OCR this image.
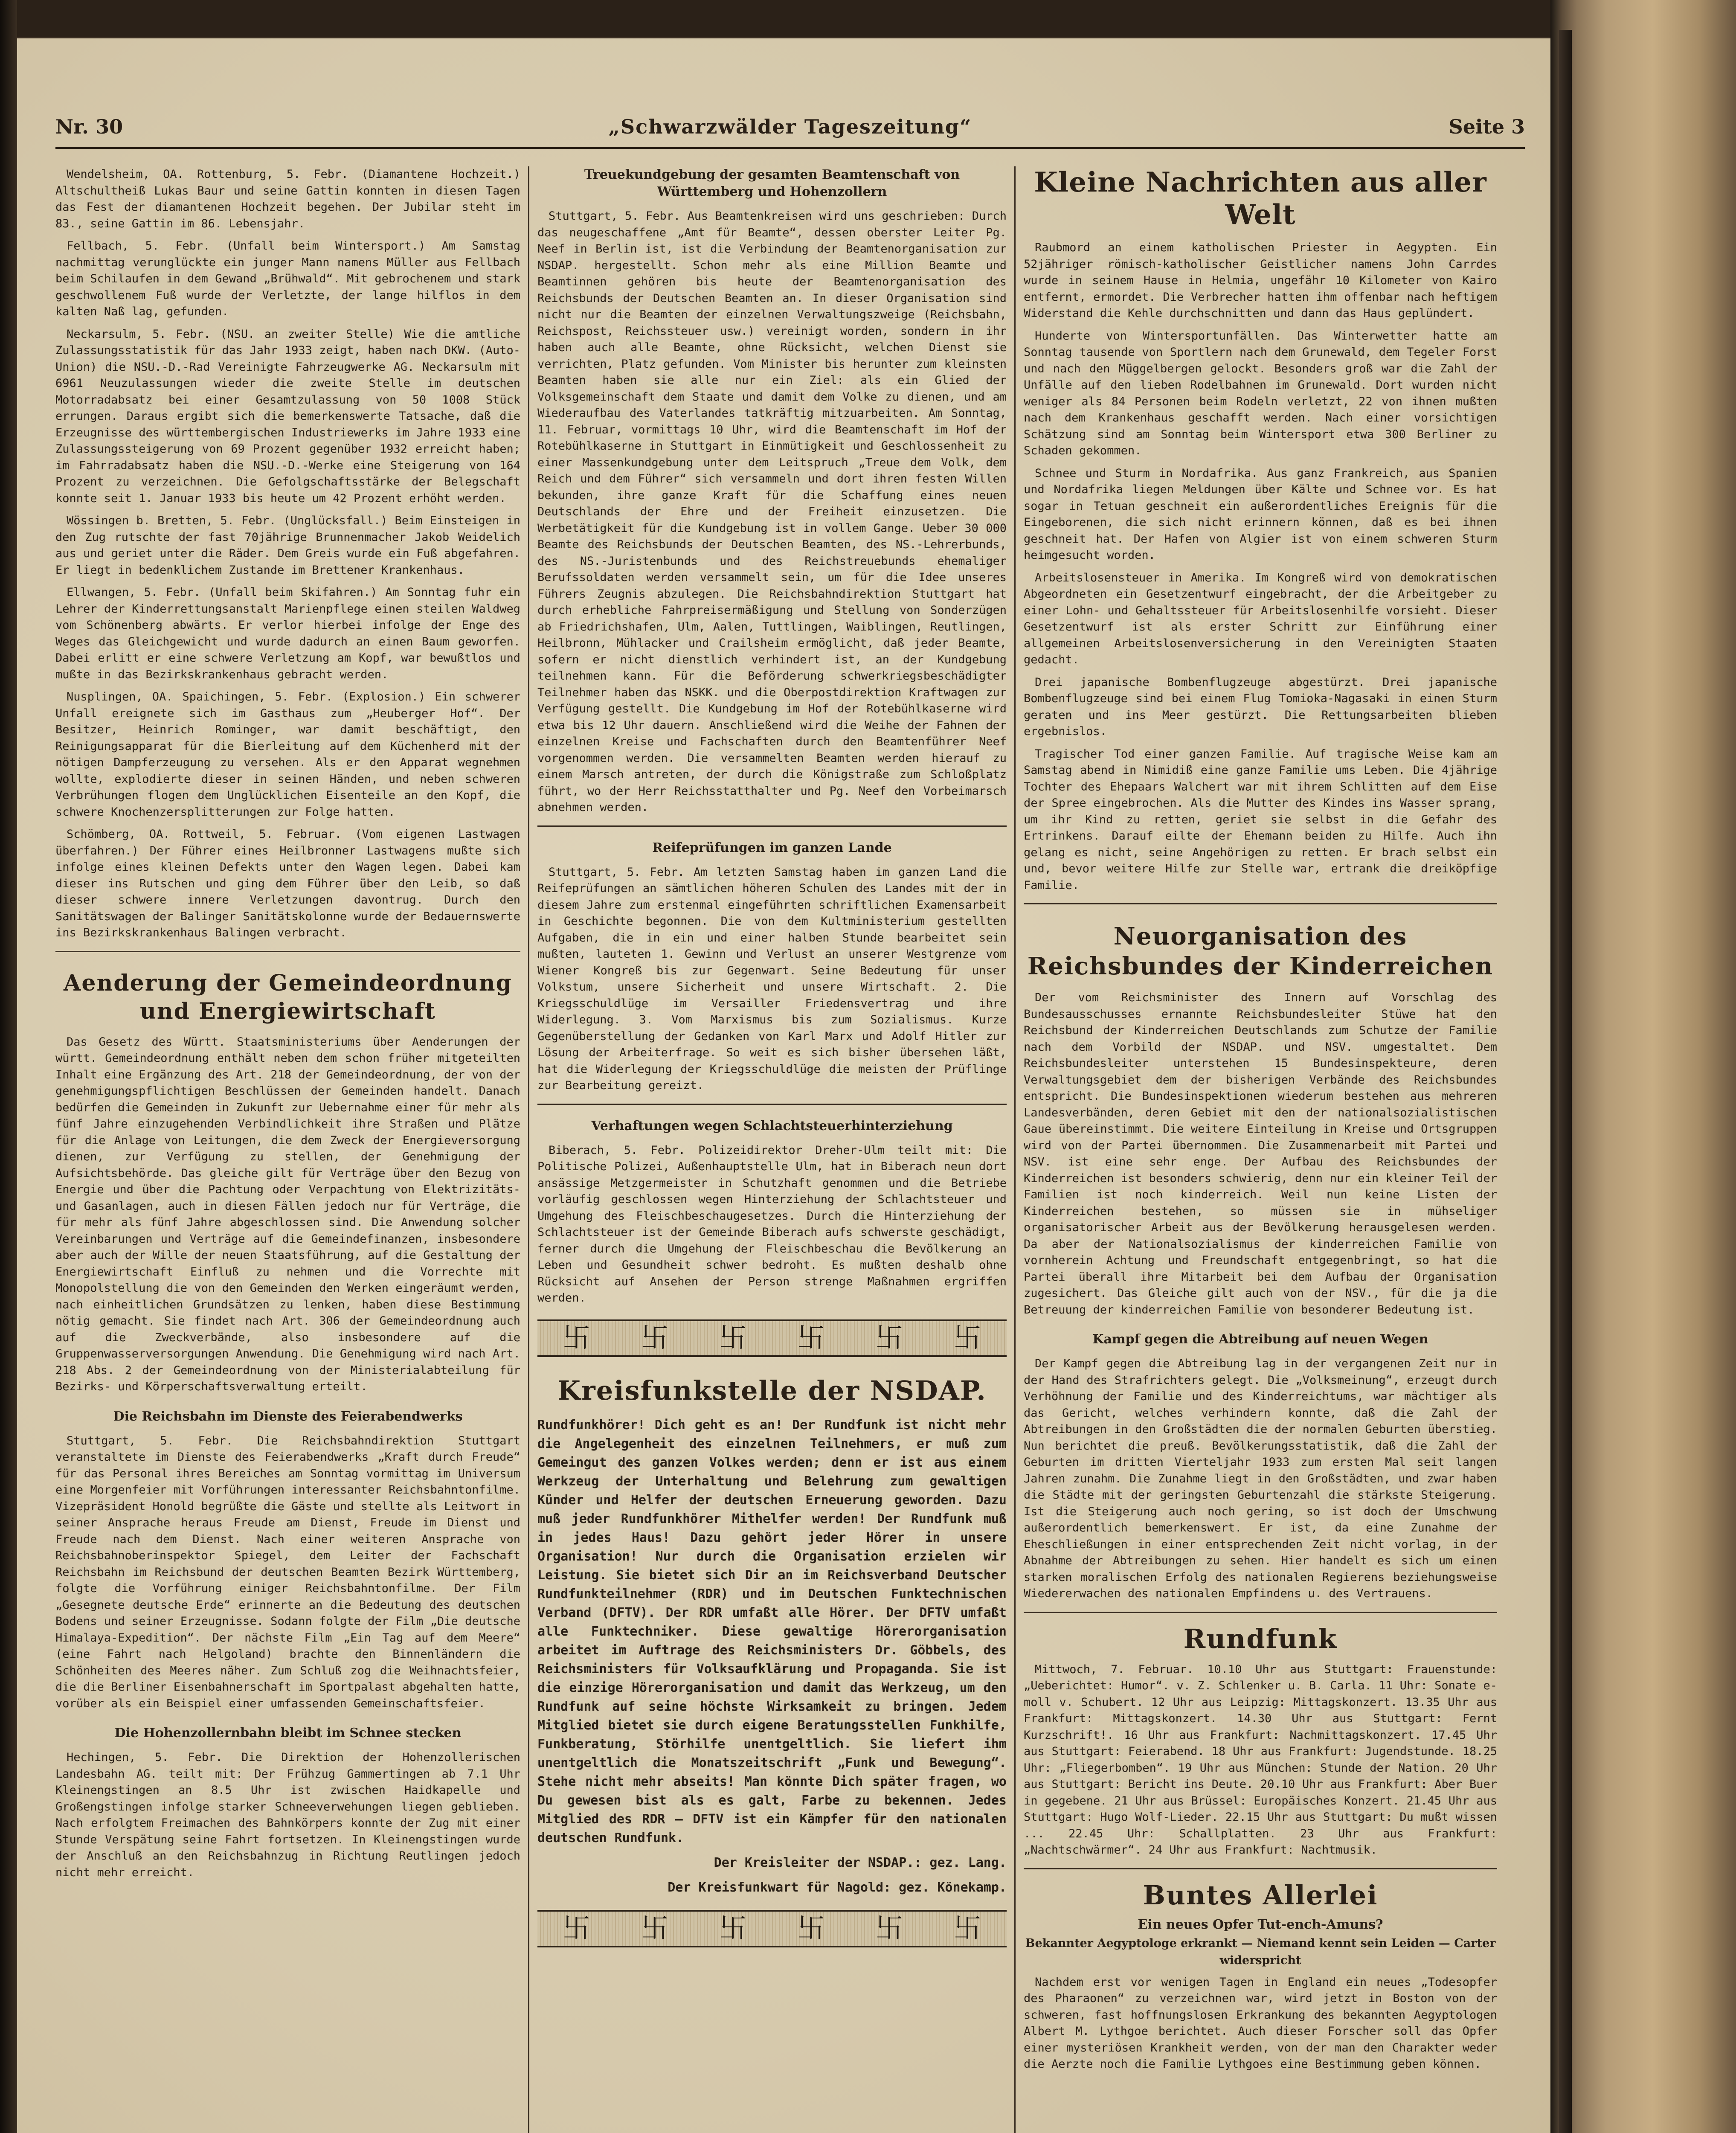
Nr. 30	„Schwarzwälder Tageszeitung“	Seite 3

Wendelsheim, OA. Rottenburg, 5. Febr. (Diamantene Hochzeit.) Altschultheiß Lukas Baur und seine Gattin konnten in diesen Tagen das Fest der diamantenen Hochzeit begehen. Der Jubilar steht im 83., seine Gattin im 86. Lebensjahr.

Fellbach, 5. Febr. (Unfall beim Wintersport.) Am Samstag nachmittag verunglückte ein junger Mann namens Müller aus Fellbach beim Schilaufen in dem Gewand „Brühwald“. Mit gebrochenem und stark geschwollenem Fuß wurde der Verletzte, der lange hilflos in dem kalten Naß lag, gefunden.

Neckarsulm, 5. Febr. (NSU. an zweiter Stelle) Wie die amtliche Zulassungsstatistik für das Jahr 1933 zeigt, haben nach DKW. (Auto-Union) die NSU.-D.-Rad Vereinigte Fahrzeugwerke AG. Neckarsulm mit 6961 Neuzulassungen wieder die zweite Stelle im deutschen Motorradabsatz bei einer Gesamtzulassung von 50 1008 Stück errungen. Daraus ergibt sich die bemerkenswerte Tatsache, daß die Erzeugnisse des württembergischen Industriewerks im Jahre 1933 eine Zulassungssteigerung von 69 Prozent gegenüber 1932 erreicht haben; im Fahrradabsatz haben die NSU.-D.-Werke eine Steigerung von 164 Prozent zu verzeichnen. Die Gefolgschaftsstärke der Belegschaft konnte seit 1. Januar 1933 bis heute um 42 Prozent erhöht werden.

Wössingen b. Bretten, 5. Febr. (Unglücksfall.) Beim Einsteigen in den Zug rutschte der fast 70jährige Brunnenmacher Jakob Weidelich aus und geriet unter die Räder. Dem Greis wurde ein Fuß abgefahren. Er liegt in bedenklichem Zustande im Brettener Krankenhaus.

Ellwangen, 5. Febr. (Unfall beim Skifahren.) Am Sonntag fuhr ein Lehrer der Kinderrettungsanstalt Marienpflege einen steilen Waldweg vom Schönenberg abwärts. Er verlor hierbei infolge der Enge des Weges das Gleichgewicht und wurde dadurch an einen Baum geworfen. Dabei erlitt er eine schwere Verletzung am Kopf, war bewußtlos und mußte in das Bezirkskrankenhaus gebracht werden.

Nusplingen, OA. Spaichingen, 5. Febr. (Explosion.) Ein schwerer Unfall ereignete sich im Gasthaus zum „Heuberger Hof“. Der Besitzer, Heinrich Rominger, war damit beschäftigt, den Reinigungsapparat für die Bierleitung auf dem Küchenherd mit der nötigen Dampferzeugung zu versehen. Als er den Apparat wegnehmen wollte, explodierte dieser in seinen Händen, und neben schweren Verbrühungen flogen dem Unglücklichen Eisenteile an den Kopf, die schwere Knochenzersplitterungen zur Folge hatten.

Schömberg, OA. Rottweil, 5. Februar. (Vom eigenen Lastwagen überfahren.) Der Führer eines Heilbronner Lastwagens mußte sich infolge eines kleinen Defekts unter den Wagen legen. Dabei kam dieser ins Rutschen und ging dem Führer über den Leib, so daß dieser schwere innere Verletzungen davontrug. Durch den Sanitätswagen der Balinger Sanitätskolonne wurde der Bedauernswerte ins Bezirkskrankenhaus Balingen verbracht.

Aenderung der Gemeindeordnung und Energiewirtschaft

Das Gesetz des Württ. Staatsministeriums über Aenderungen der württ. Gemeindeordnung enthält neben dem schon früher mitgeteilten Inhalt eine Ergänzung des Art. 218 der Gemeindeordnung, der von der genehmigungspflichtigen Beschlüssen der Gemeinden handelt. Danach bedürfen die Gemeinden in Zukunft zur Uebernahme einer für mehr als fünf Jahre einzugehenden Verbindlichkeit ihre Straßen und Plätze für die Anlage von Leitungen, die dem Zweck der Energieversorgung dienen, zur Verfügung zu stellen, der Genehmigung der Aufsichtsbehörde. Das gleiche gilt für Verträge über den Bezug von Energie und über die Pachtung oder Verpachtung von Elektrizitäts- und Gasanlagen, auch in diesen Fällen jedoch nur für Verträge, die für mehr als fünf Jahre abgeschlossen sind. Die Anwendung solcher Vereinbarungen und Verträge auf die Gemeindefinanzen, insbesondere aber auch der Wille der neuen Staatsführung, auf die Gestaltung der Energiewirtschaft Einfluß zu nehmen und die Vorrechte mit Monopolstellung die von den Gemeinden den Werken eingeräumt werden, nach einheitlichen Grundsätzen zu lenken, haben diese Bestimmung nötig gemacht. Sie findet nach Art. 306 der Gemeindeordnung auch auf die Zweckverbände, also insbesondere auf die Gruppenwasserversorgungen Anwendung. Die Genehmigung wird nach Art. 218 Abs. 2 der Gemeindeordnung von der Ministerialabteilung für Bezirks- und Körperschaftsverwaltung erteilt.

Die Reichsbahn im Dienste des Feierabendwerks

Stuttgart, 5. Febr. Die Reichsbahndirektion Stuttgart veranstaltete im Dienste des Feierabendwerks „Kraft durch Freude“ für das Personal ihres Bereiches am Sonntag vormittag im Universum eine Morgenfeier mit Vorführungen interessanter Reichsbahntonfilme. Vizepräsident Honold begrüßte die Gäste und stellte als Leitwort in seiner Ansprache heraus Freude am Dienst, Freude im Dienst und Freude nach dem Dienst. Nach einer weiteren Ansprache von Reichsbahnoberinspektor Spiegel, dem Leiter der Fachschaft Reichsbahn im Reichsbund der deutschen Beamten Bezirk Württemberg, folgte die Vorführung einiger Reichsbahntonfilme. Der Film „Gesegnete deutsche Erde“ erinnerte an die Bedeutung des deutschen Bodens und seiner Erzeugnisse. Sodann folgte der Film „Die deutsche Himalaya-Expedition“. Der nächste Film „Ein Tag auf dem Meere“ (eine Fahrt nach Helgoland) brachte den Binnenländern die Schönheiten des Meeres näher. Zum Schluß zog die Weihnachtsfeier, die die Berliner Eisenbahnerschaft im Sportpalast abgehalten hatte, vorüber als ein Beispiel einer umfassenden Gemeinschaftsfeier.

Die Hohenzollernbahn bleibt im Schnee stecken

Hechingen, 5. Febr. Die Direktion der Hohenzollerischen Landesbahn AG. teilt mit: Der Frühzug Gammertingen ab 7.1 Uhr Kleinengstingen an 8.5 Uhr ist zwischen Haidkapelle und Großengstingen infolge starker Schneeverwehungen liegen geblieben. Nach erfolgtem Freimachen des Bahnkörpers konnte der Zug mit einer Stunde Verspätung seine Fahrt fortsetzen. In Kleinengstingen wurde der Anschluß an den Reichsbahnzug in Richtung Reutlingen jedoch nicht mehr erreicht.

Treuekundgebung der gesamten Beamtenschaft von Württemberg und Hohenzollern

Stuttgart, 5. Febr. Aus Beamtenkreisen wird uns geschrieben: Durch das neugeschaffene „Amt für Beamte“, dessen oberster Leiter Pg. Neef in Berlin ist, ist die Verbindung der Beamtenorganisation zur NSDAP. hergestellt. Schon mehr als eine Million Beamte und Beamtinnen gehören bis heute der Beamtenorganisation des Reichsbunds der Deutschen Beamten an. In dieser Organisation sind nicht nur die Beamten der einzelnen Verwaltungszweige (Reichsbahn, Reichspost, Reichssteuer usw.) vereinigt worden, sondern in ihr haben auch alle Beamte, ohne Rücksicht, welchen Dienst sie verrichten, Platz gefunden. Vom Minister bis herunter zum kleinsten Beamten haben sie alle nur ein Ziel: als ein Glied der Volksgemeinschaft dem Staate und damit dem Volke zu dienen, und am Wiederaufbau des Vaterlandes tatkräftig mitzuarbeiten. Am Sonntag, 11. Februar, vormittags 10 Uhr, wird die Beamtenschaft im Hof der Rotebühlkaserne in Stuttgart in Einmütigkeit und Geschlossenheit zu einer Massenkundgebung unter dem Leitspruch „Treue dem Volk, dem Reich und dem Führer“ sich versammeln und dort ihren festen Willen bekunden, ihre ganze Kraft für die Schaffung eines neuen Deutschlands der Ehre und der Freiheit einzusetzen. Die Werbetätigkeit für die Kundgebung ist in vollem Gange. Ueber 30 000 Beamte des Reichsbunds der Deutschen Beamten, des NS.-Lehrerbunds, des NS.-Juristenbunds und des Reichstreuebunds ehemaliger Berufssoldaten werden versammelt sein, um für die Idee unseres Führers Zeugnis abzulegen. Die Reichsbahndirektion Stuttgart hat durch erhebliche Fahrpreisermäßigung und Stellung von Sonderzügen ab Friedrichshafen, Ulm, Aalen, Tuttlingen, Waiblingen, Reutlingen, Heilbronn, Mühlacker und Crailsheim ermöglicht, daß jeder Beamte, sofern er nicht dienstlich verhindert ist, an der Kundgebung teilnehmen kann. Für die Beförderung schwerkriegsbeschädigter Teilnehmer haben das NSKK. und die Oberpostdirektion Kraftwagen zur Verfügung gestellt. Die Kundgebung im Hof der Rotebühlkaserne wird etwa bis 12 Uhr dauern. Anschließend wird die Weihe der Fahnen der einzelnen Kreise und Fachschaften durch den Beamtenführer Neef vorgenommen werden. Die versammelten Beamten werden hierauf zu einem Marsch antreten, der durch die Königstraße zum Schloßplatz führt, wo der Herr Reichsstatthalter und Pg. Neef den Vorbeimarsch abnehmen werden.

Reifeprüfungen im ganzen Lande

Stuttgart, 5. Febr. Am letzten Samstag haben im ganzen Land die Reifeprüfungen an sämtlichen höheren Schulen des Landes mit der in diesem Jahre zum erstenmal eingeführten schriftlichen Examensarbeit in Geschichte begonnen. Die von dem Kultministerium gestellten Aufgaben, die in ein und einer halben Stunde bearbeitet sein mußten, lauteten 1. Gewinn und Verlust an unserer Westgrenze vom Wiener Kongreß bis zur Gegenwart. Seine Bedeutung für unser Volkstum, unsere Sicherheit und unsere Wirtschaft. 2. Die Kriegsschuldlüge im Versailler Friedensvertrag und ihre Widerlegung. 3. Vom Marxismus bis zum Sozialismus. Kurze Gegenüberstellung der Gedanken von Karl Marx und Adolf Hitler zur Lösung der Arbeiterfrage. So weit es sich bisher übersehen läßt, hat die Widerlegung der Kriegsschuldlüge die meisten der Prüflinge zur Bearbeitung gereizt.

Verhaftungen wegen Schlachtsteuerhinterziehung

Biberach, 5. Febr. Polizeidirektor Dreher-Ulm teilt mit: Die Politische Polizei, Außenhauptstelle Ulm, hat in Biberach neun dort ansässige Metzgermeister in Schutzhaft genommen und die Betriebe vorläufig geschlossen wegen Hinterziehung der Schlachtsteuer und Umgehung des Fleischbeschaugesetzes. Durch die Hinterziehung der Schlachtsteuer ist der Gemeinde Biberach aufs schwerste geschädigt, ferner durch die Umgehung der Fleischbeschau die Bevölkerung an Leben und Gesundheit schwer bedroht. Es mußten deshalb ohne Rücksicht auf Ansehen der Person strenge Maßnahmen ergriffen werden.

卐 卐 卐 卐 卐 卐
Kreisfunkstelle der NSDAP.

Rundfunkhörer! Dich geht es an! Der Rundfunk ist nicht mehr die Angelegenheit des einzelnen Teilnehmers, er muß zum Gemeingut des ganzen Volkes werden; denn er ist aus einem Werkzeug der Unterhaltung und Belehrung zum gewaltigen Künder und Helfer der deutschen Erneuerung geworden. Dazu muß jeder Rundfunkhörer Mithelfer werden! Der Rundfunk muß in jedes Haus! Dazu gehört jeder Hörer in unsere Organisation! Nur durch die Organisation erzielen wir Leistung. Sie bietet sich Dir an im Reichsverband Deutscher Rundfunkteilnehmer (RDR) und im Deutschen Funktechnischen Verband (DFTV). Der RDR umfaßt alle Hörer. Der DFTV umfaßt alle Funktechniker. Diese gewaltige Hörerorganisation arbeitet im Auftrage des Reichsministers Dr. Göbbels, des Reichsministers für Volksaufklärung und Propaganda. Sie ist die einzige Hörerorganisation und damit das Werkzeug, um den Rundfunk auf seine höchste Wirksamkeit zu bringen. Jedem Mitglied bietet sie durch eigene Beratungsstellen Funkhilfe, Funkberatung, Störhilfe unentgeltlich. Sie liefert ihm unentgeltlich die Monatszeitschrift „Funk und Bewegung“. Stehe nicht mehr abseits! Man könnte Dich später fragen, wo Du gewesen bist als es galt, Farbe zu bekennen. Jedes Mitglied des RDR — DFTV ist ein Kämpfer für den nationalen deutschen Rundfunk.

Der Kreisleiter der NSDAP.: gez. Lang.

Der Kreisfunkwart für Nagold: gez. Könekamp.

卐 卐 卐 卐 卐 卐
Kleine Nachrichten aus aller Welt

Raubmord an einem katholischen Priester in Aegypten. Ein 52jähriger römisch-katholischer Geistlicher namens John Carrdes wurde in seinem Hause in Helmia, ungefähr 10 Kilometer von Kairo entfernt, ermordet. Die Verbrecher hatten ihm offenbar nach heftigem Widerstand die Kehle durchschnitten und dann das Haus geplündert.

Hunderte von Wintersportunfällen. Das Winterwetter hatte am Sonntag tausende von Sportlern nach dem Grunewald, dem Tegeler Forst und nach den Müggelbergen gelockt. Besonders groß war die Zahl der Unfälle auf den lieben Rodelbahnen im Grunewald. Dort wurden nicht weniger als 84 Personen beim Rodeln verletzt, 22 von ihnen mußten nach dem Krankenhaus geschafft werden. Nach einer vorsichtigen Schätzung sind am Sonntag beim Wintersport etwa 300 Berliner zu Schaden gekommen.

Schnee und Sturm in Nordafrika. Aus ganz Frankreich, aus Spanien und Nordafrika liegen Meldungen über Kälte und Schnee vor. Es hat sogar in Tetuan geschneit ein außerordentliches Ereignis für die Eingeborenen, die sich nicht erinnern können, daß es bei ihnen geschneit hat. Der Hafen von Algier ist von einem schweren Sturm heimgesucht worden.

Arbeitslosensteuer in Amerika. Im Kongreß wird von demokratischen Abgeordneten ein Gesetzentwurf eingebracht, der die Arbeitgeber zu einer Lohn- und Gehaltssteuer für Arbeitslosenhilfe vorsieht. Dieser Gesetzentwurf ist als erster Schritt zur Einführung einer allgemeinen Arbeitslosenversicherung in den Vereinigten Staaten gedacht.

Drei japanische Bombenflugzeuge abgestürzt. Drei japanische Bombenflugzeuge sind bei einem Flug Tomioka-Nagasaki in einen Sturm geraten und ins Meer gestürzt. Die Rettungsarbeiten blieben ergebnislos.

Tragischer Tod einer ganzen Familie. Auf tragische Weise kam am Samstag abend in Nimidiß eine ganze Familie ums Leben. Die 4jährige Tochter des Ehepaars Walchert war mit ihrem Schlitten auf dem Eise der Spree eingebrochen. Als die Mutter des Kindes ins Wasser sprang, um ihr Kind zu retten, geriet sie selbst in die Gefahr des Ertrinkens. Darauf eilte der Ehemann beiden zu Hilfe. Auch ihn gelang es nicht, seine Angehörigen zu retten. Er brach selbst ein und, bevor weitere Hilfe zur Stelle war, ertrank die dreiköpfige Familie.

Neuorganisation des Reichsbundes der Kinderreichen

Der vom Reichsminister des Innern auf Vorschlag des Bundesausschusses ernannte Reichsbundesleiter Stüwe hat den Reichsbund der Kinderreichen Deutschlands zum Schutze der Familie nach dem Vorbild der NSDAP. und NSV. umgestaltet. Dem Reichsbundesleiter unterstehen 15 Bundesinspekteure, deren Verwaltungsgebiet dem der bisherigen Verbände des Reichsbundes entspricht. Die Bundesinspektionen wiederum bestehen aus mehreren Landesverbänden, deren Gebiet mit den der nationalsozialistischen Gaue übereinstimmt. Die weitere Einteilung in Kreise und Ortsgruppen wird von der Partei übernommen. Die Zusammenarbeit mit Partei und NSV. ist eine sehr enge. Der Aufbau des Reichsbundes der Kinderreichen ist besonders schwierig, denn nur ein kleiner Teil der Familien ist noch kinderreich. Weil nun keine Listen der Kinderreichen bestehen, so müssen sie in mühseliger organisatorischer Arbeit aus der Bevölkerung herausgelesen werden. Da aber der Nationalsozialismus der kinderreichen Familie von vornherein Achtung und Freundschaft entgegenbringt, so hat die Partei überall ihre Mitarbeit bei dem Aufbau der Organisation zugesichert. Das Gleiche gilt auch von der NSV., für die ja die Betreuung der kinderreichen Familie von besonderer Bedeutung ist.

Kampf gegen die Abtreibung auf neuen Wegen

Der Kampf gegen die Abtreibung lag in der vergangenen Zeit nur in der Hand des Strafrichters gelegt. Die „Volksmeinung“, erzeugt durch Verhöhnung der Familie und des Kinderreichtums, war mächtiger als das Gericht, welches verhindern konnte, daß die Zahl der Abtreibungen in den Großstädten die der normalen Geburten überstieg. Nun berichtet die preuß. Bevölkerungsstatistik, daß die Zahl der Geburten im dritten Vierteljahr 1933 zum ersten Mal seit langen Jahren zunahm. Die Zunahme liegt in den Großstädten, und zwar haben die Städte mit der geringsten Geburtenzahl die stärkste Steigerung. Ist die Steigerung auch noch gering, so ist doch der Umschwung außerordentlich bemerkenswert. Er ist, da eine Zunahme der Eheschließungen in einer entsprechenden Zeit nicht vorlag, in der Abnahme der Abtreibungen zu sehen. Hier handelt es sich um einen starken moralischen Erfolg des nationalen Regierens beziehungsweise Wiedererwachen des nationalen Empfindens u. des Vertrauens.

Rundfunk

Mittwoch, 7. Februar. 10.10 Uhr aus Stuttgart: Frauenstunde: „Ueberichtet: Humor“. v. Z. Schlenker u. B. Carla. 11 Uhr: Sonate e-moll v. Schubert. 12 Uhr aus Leipzig: Mittagskonzert. 13.35 Uhr aus Frankfurt: Mittagskonzert. 14.30 Uhr aus Stuttgart: Fernt Kurzschrift!. 16 Uhr aus Frankfurt: Nachmittagskonzert. 17.45 Uhr aus Stuttgart: Feierabend. 18 Uhr aus Frankfurt: Jugendstunde. 18.25 Uhr: „Fliegerbomben“. 19 Uhr aus München: Stunde der Nation. 20 Uhr aus Stuttgart: Bericht ins Deute. 20.10 Uhr aus Frankfurt: Aber Buer in gegebene. 21 Uhr aus Brüssel: Europäisches Konzert. 21.45 Uhr aus Stuttgart: Hugo Wolf-Lieder. 22.15 Uhr aus Stuttgart: Du mußt wissen ... 22.45 Uhr: Schallplatten. 23 Uhr aus Frankfurt: „Nachtschwärmer“. 24 Uhr aus Frankfurt: Nachtmusik.

Buntes Allerlei
Ein neues Opfer Tut-ench-Amuns?
Bekannter Aegyptologe erkrankt — Niemand kennt sein Leiden — Carter widerspricht

Nachdem erst vor wenigen Tagen in England ein neues „Todesopfer des Pharaonen“ zu verzeichnen war, wird jetzt in Boston von der schweren, fast hoffnungslosen Erkrankung des bekannten Aegyptologen Albert M. Lythgoe berichtet. Auch dieser Forscher soll das Opfer einer mysteriösen Krankheit werden, von der man den Charakter weder die Aerzte noch die Familie Lythgoes eine Bestimmung geben können.
